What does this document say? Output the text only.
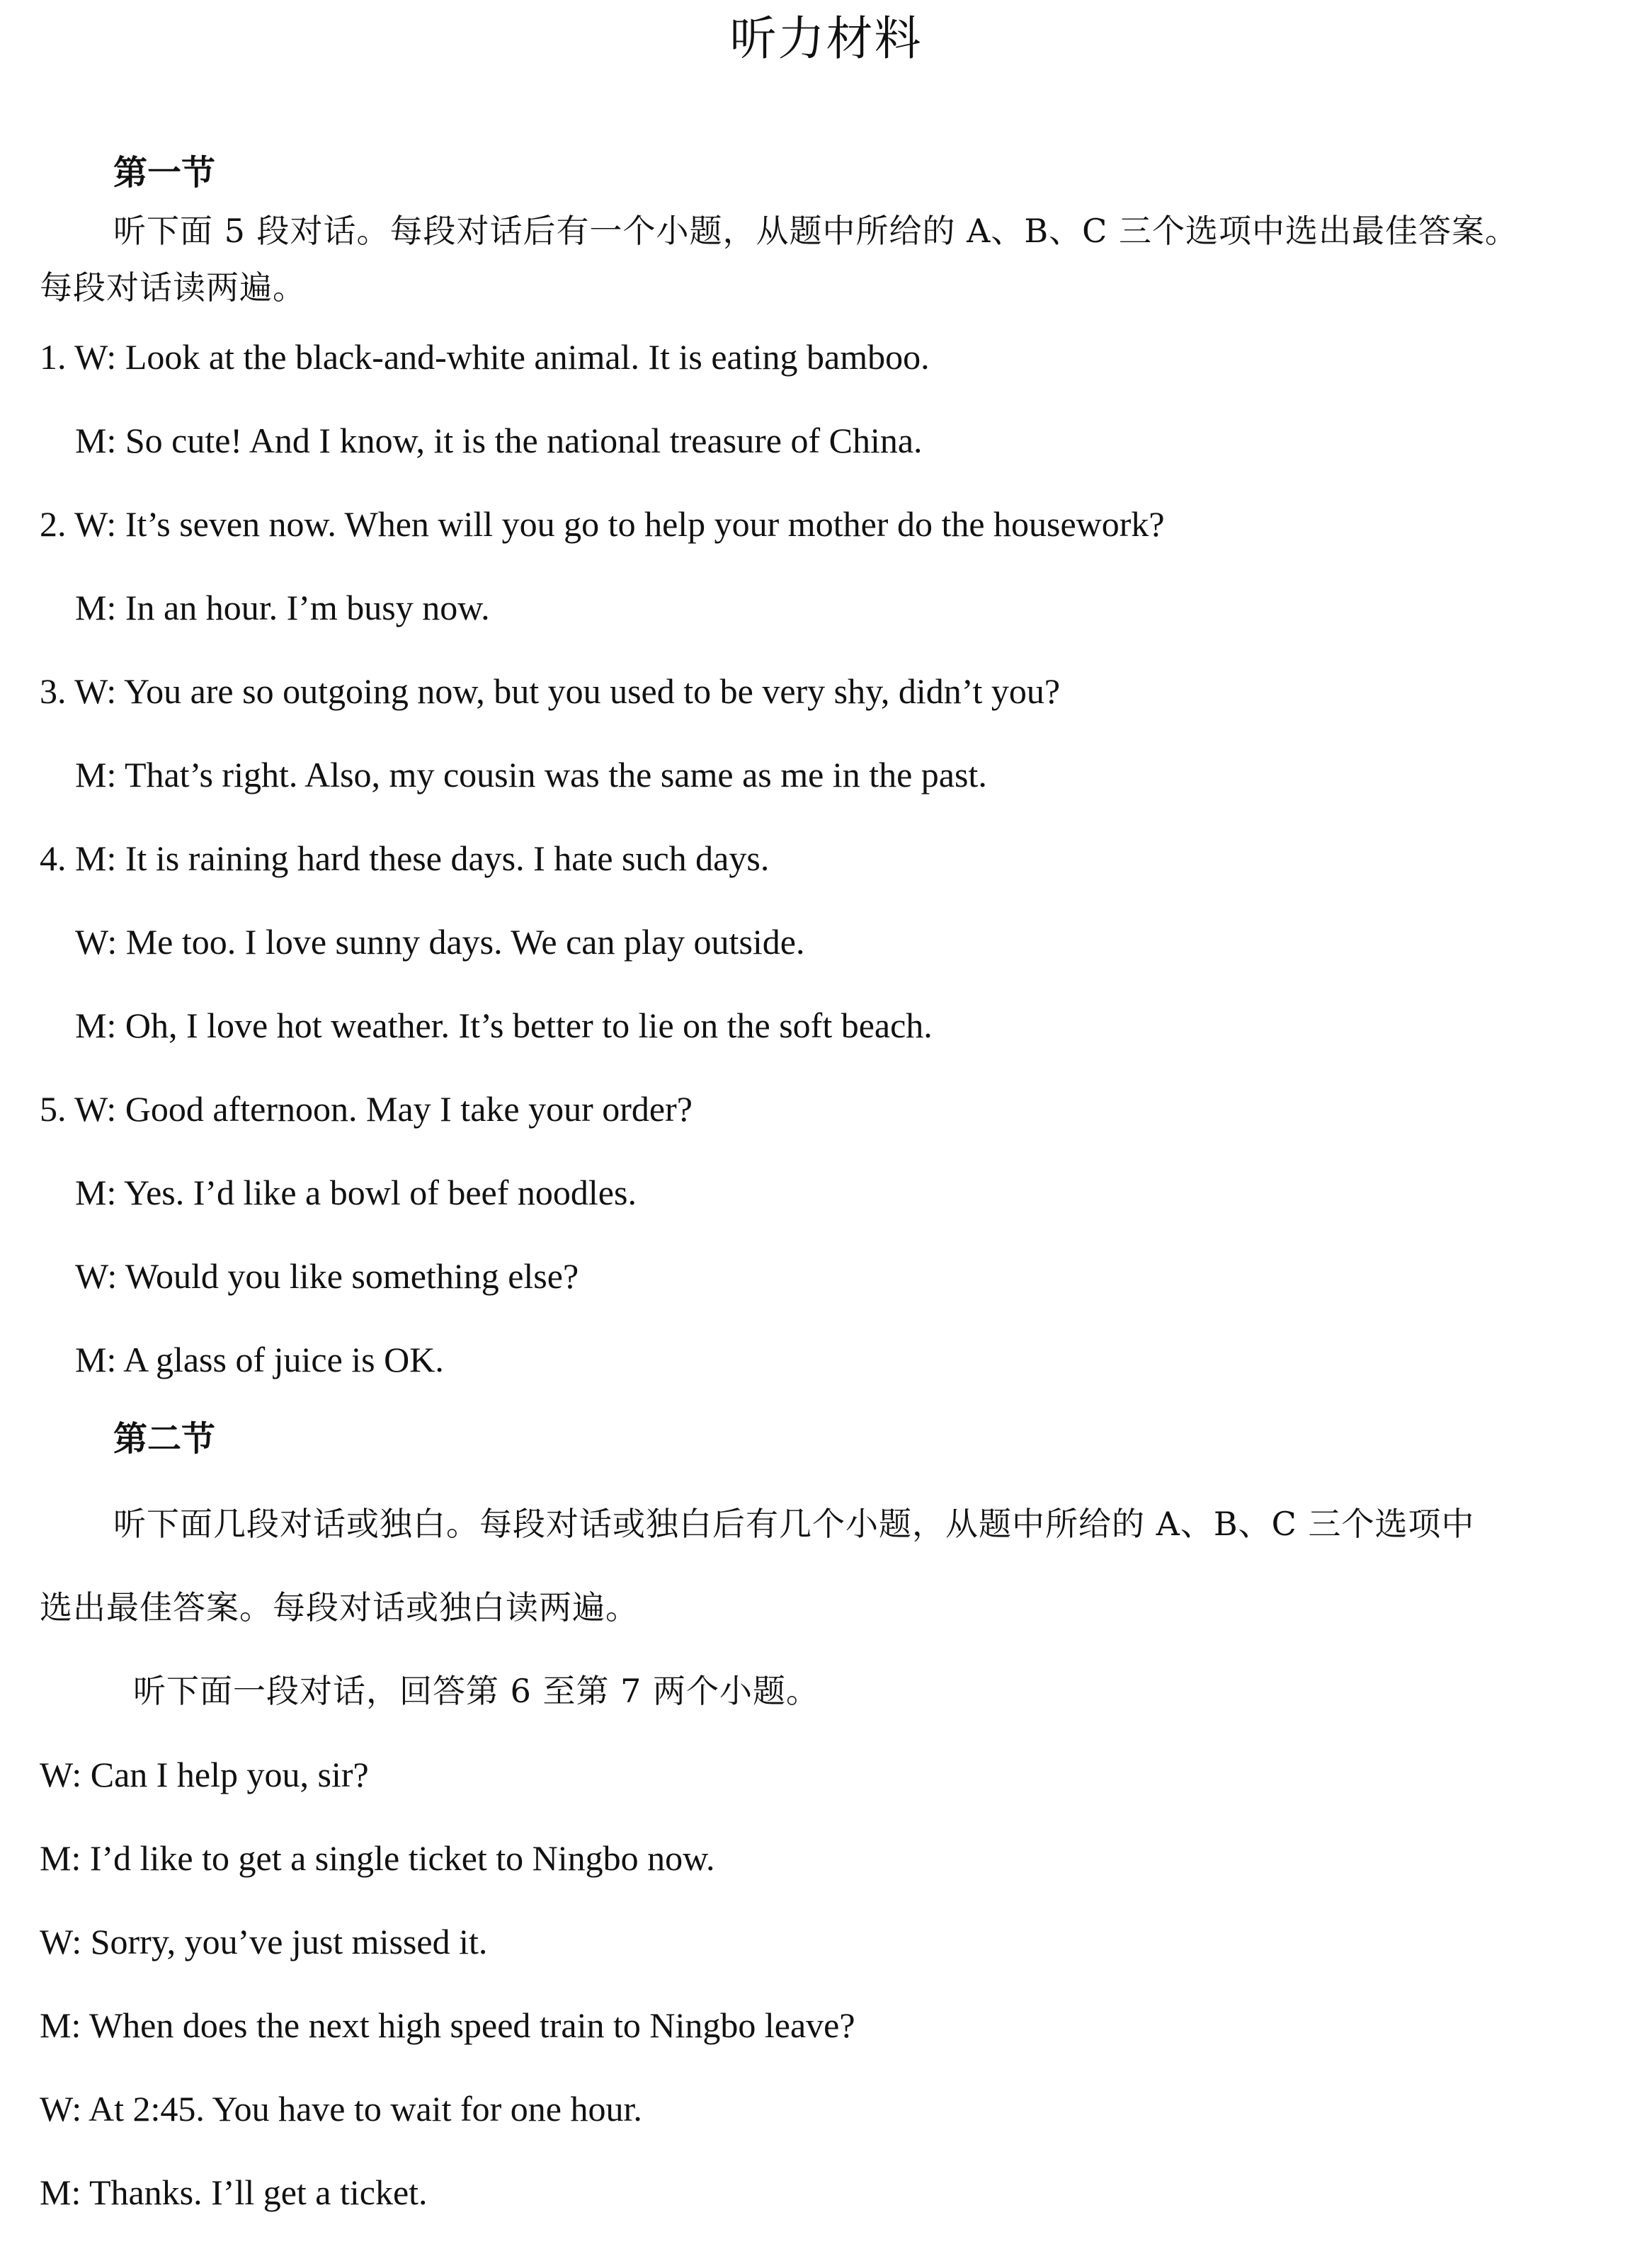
听力材料
第一节
听下面 5 段对话。每段对话后有一个小题，从题中所给的 A、B、C 三个选项中选出最佳答案。
每段对话读两遍。
1. W: Look at the black-and-white animal. It is eating bamboo.
M: So cute! And I know, it is the national treasure of China.
2. W: It’s seven now. When will you go to help your mother do the housework?
M: In an hour. I’m busy now.
3. W: You are so outgoing now, but you used to be very shy, didn’t you?
M: That’s right. Also, my cousin was the same as me in the past.
4. M: It is raining hard these days. I hate such days.
W: Me too. I love sunny days. We can play outside.
M: Oh, I love hot weather. It’s better to lie on the soft beach.
5. W: Good afternoon. May I take your order?
M: Yes. I’d like a bowl of beef noodles.
W: Would you like something else?
M: A glass of juice is OK.
第二节
听下面几段对话或独白。每段对话或独白后有几个小题，从题中所给的 A、B、C 三个选项中
选出最佳答案。每段对话或独白读两遍。
听下面一段对话，回答第 6 至第 7 两个小题。
W: Can I help you, sir?
M: I’d like to get a single ticket to Ningbo now.
W: Sorry, you’ve just missed it.
M: When does the next high speed train to Ningbo leave?
W: At 2:45. You have to wait for one hour.
M: Thanks. I’ll get a ticket.
